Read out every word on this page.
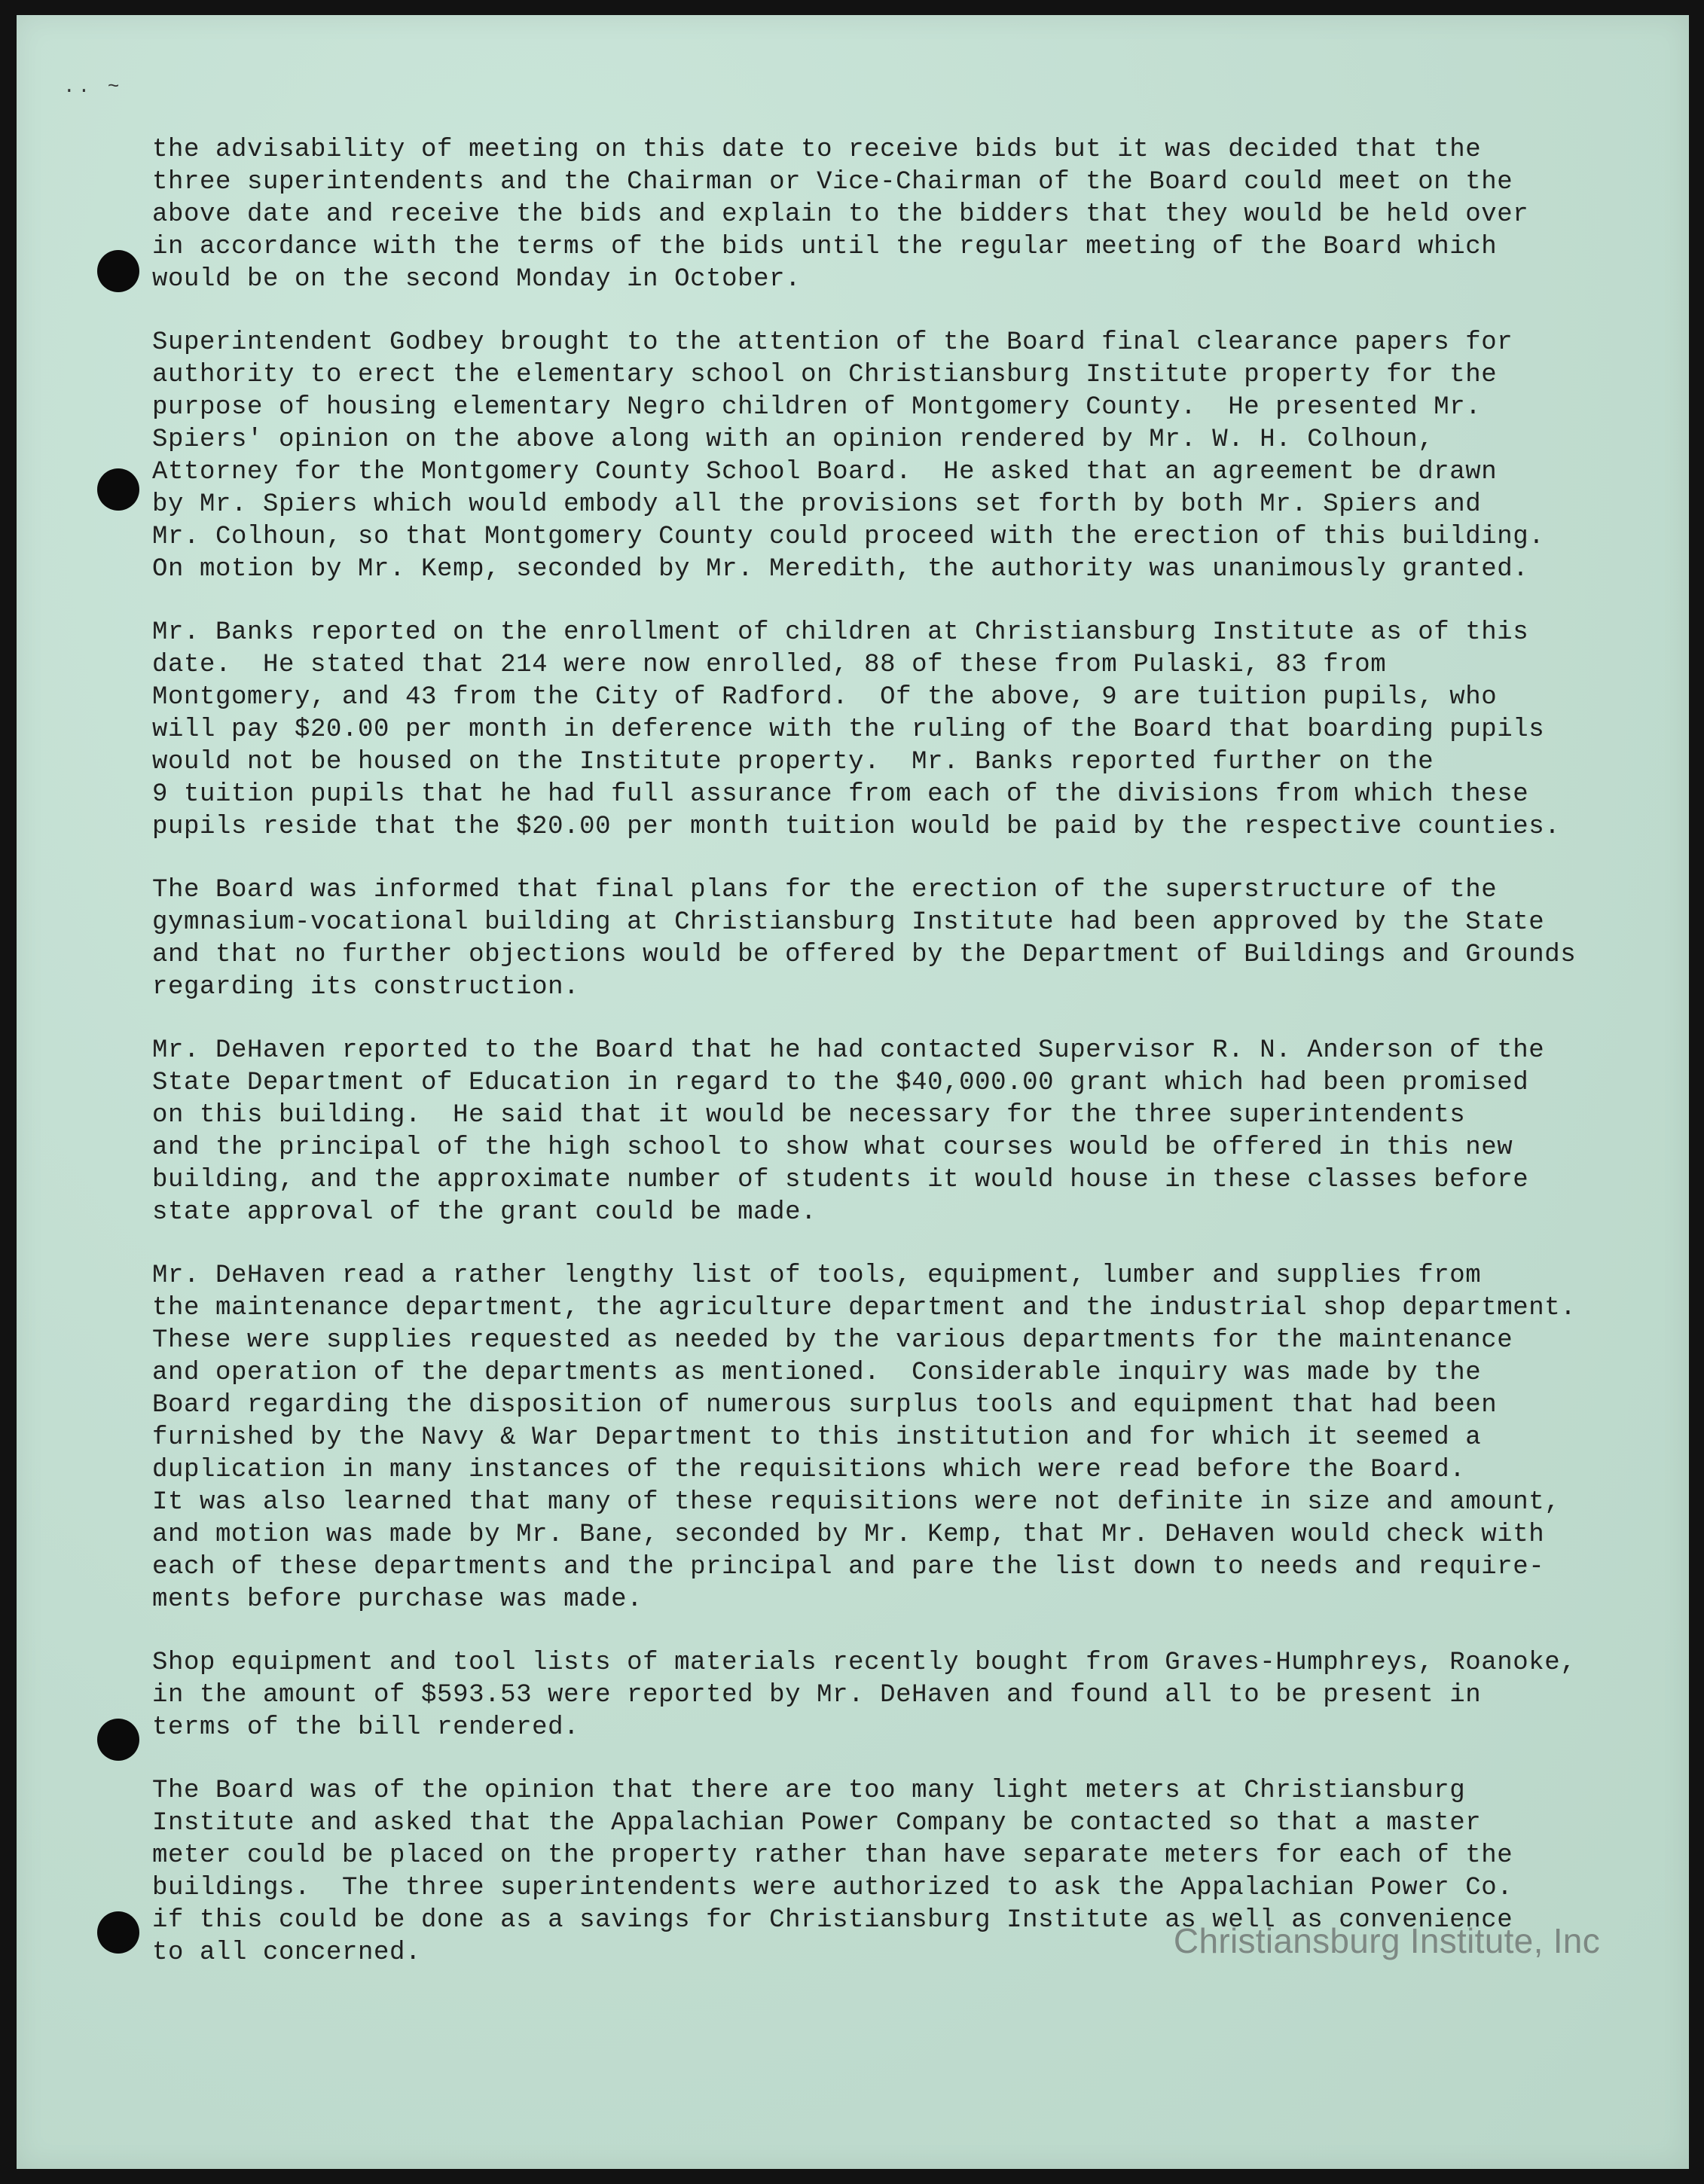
.. ~
the advisability of meeting on this date to receive bids but it was decided that the
three superintendents and the Chairman or Vice-Chairman of the Board could meet on the
above date and receive the bids and explain to the bidders that they would be held over
in accordance with the terms of the bids until the regular meeting of the Board which
would be on the second Monday in October.
Superintendent Godbey brought to the attention of the Board final clearance papers for
authority to erect the elementary school on Christiansburg Institute property for the
purpose of housing elementary Negro children of Montgomery County.  He presented Mr.
Spiers' opinion on the above along with an opinion rendered by Mr. W. H. Colhoun,
Attorney for the Montgomery County School Board.  He asked that an agreement be drawn
by Mr. Spiers which would embody all the provisions set forth by both Mr. Spiers and
Mr. Colhoun, so that Montgomery County could proceed with the erection of this building.
On motion by Mr. Kemp, seconded by Mr. Meredith, the authority was unanimously granted.
Mr. Banks reported on the enrollment of children at Christiansburg Institute as of this
date.  He stated that 214 were now enrolled, 88 of these from Pulaski, 83 from
Montgomery, and 43 from the City of Radford.  Of the above, 9 are tuition pupils, who
will pay $20.00 per month in deference with the ruling of the Board that boarding pupils
would not be housed on the Institute property.  Mr. Banks reported further on the
9 tuition pupils that he had full assurance from each of the divisions from which these
pupils reside that the $20.00 per month tuition would be paid by the respective counties.
The Board was informed that final plans for the erection of the superstructure of the
gymnasium-vocational building at Christiansburg Institute had been approved by the State
and that no further objections would be offered by the Department of Buildings and Grounds
regarding its construction.
Mr. DeHaven reported to the Board that he had contacted Supervisor R. N. Anderson of the
State Department of Education in regard to the $40,000.00 grant which had been promised
on this building.  He said that it would be necessary for the three superintendents
and the principal of the high school to show what courses would be offered in this new
building, and the approximate number of students it would house in these classes before
state approval of the grant could be made.
Mr. DeHaven read a rather lengthy list of tools, equipment, lumber and supplies from
the maintenance department, the agriculture department and the industrial shop department.
These were supplies requested as needed by the various departments for the maintenance
and operation of the departments as mentioned.  Considerable inquiry was made by the
Board regarding the disposition of numerous surplus tools and equipment that had been
furnished by the Navy & War Department to this institution and for which it seemed a
duplication in many instances of the requisitions which were read before the Board.
It was also learned that many of these requisitions were not definite in size and amount,
and motion was made by Mr. Bane, seconded by Mr. Kemp, that Mr. DeHaven would check with
each of these departments and the principal and pare the list down to needs and require-
ments before purchase was made.
Shop equipment and tool lists of materials recently bought from Graves-Humphreys, Roanoke,
in the amount of $593.53 were reported by Mr. DeHaven and found all to be present in
terms of the bill rendered.
The Board was of the opinion that there are too many light meters at Christiansburg
Institute and asked that the Appalachian Power Company be contacted so that a master
meter could be placed on the property rather than have separate meters for each of the
buildings.  The three superintendents were authorized to ask the Appalachian Power Co.
if this could be done as a savings for Christiansburg Institute as well as convenience
to all concerned.	Christiansburg Institute, Inc
